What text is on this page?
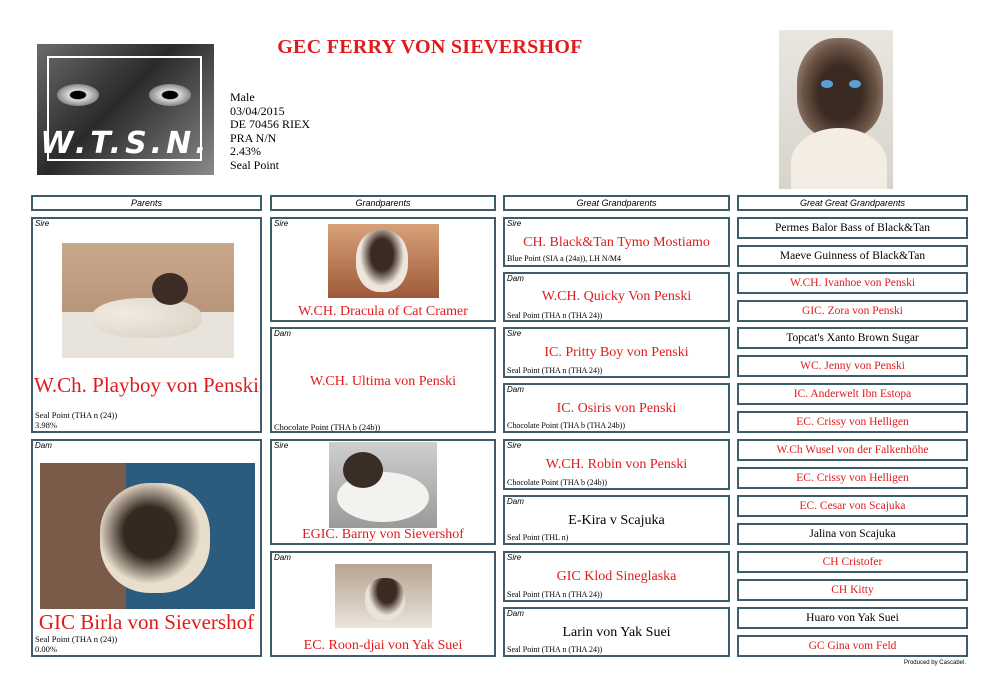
GEC FERRY VON SIEVERSHOF
W.T.S.N.
Male
03/04/2015
DE 70456 RIEX
PRA N/N
2.43%
Seal Point
Parents	Grandparents	Great Grandparents	Great Great Grandparents
Sire
W.Ch. Playboy von Penski
Seal Point (THA n (24))
3.98%
Dam
GIC Birla von Sievershof
Seal Point (THA n (24))
0.00%
Sire
W.CH. Dracula of Cat Cramer
Dam
W.CH. Ultima von Penski
Chocolate Point (THA b (24b))
Sire
EGIC. Barny von Sievershof
Dam
EC. Roon-djai von Yak Suei
Sire
CH. Black&Tan Tymo Mostiamo
Blue Point (SIA a (24a)), LH N/M4
Dam
W.CH. Quicky Von Penski
Seal Point (THA n (THA 24))
Sire
IC. Pritty Boy von Penski
Seal Point (THA n (THA 24))
Dam
IC. Osiris von Penski
Chocolate Point (THA b (THA 24b))
Sire
W.CH. Robin von Penski
Chocolate Point (THA b (24b))
Dam
E-Kira v Scajuka
Seal Point (THL n)
Sire
GIC Klod Sineglaska
Seal Point (THA n (THA 24))
Dam
Larin von Yak Suei
Seal Point (THA n (THA 24))
Permes Balor Bass of Black&Tan
Maeve Guinness of Black&Tan
W.CH. Ivanhoe von Penski
GIC. Zora von Penski
Topcat's Xanto Brown Sugar
WC. Jenny von Penski
IC. Anderwelt Ibn Estopa
EC. Crissy von Helligen
W.Ch Wusel von der Falkenhöhe
EC. Crissy von Helligen
EC. Cesar von Scajuka
Jalina von Scajuka
CH Cristofer
CH Kitty
Huaro von Yak Suei
GC Gina vom Feld
Produced by Cascabel.
